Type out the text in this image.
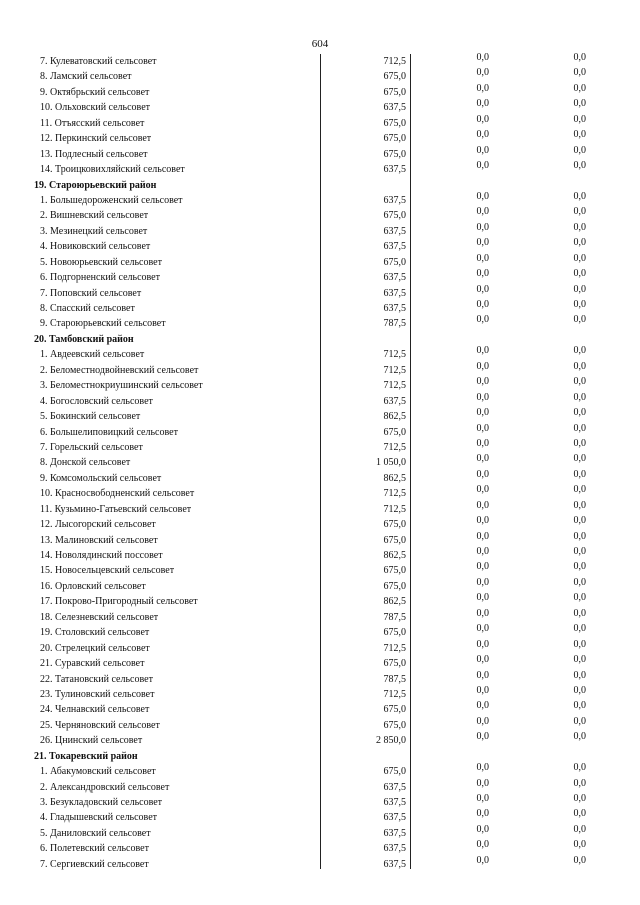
604
7. Кулеватовский сельсовет	712,5	0,0	0,0
8. Ламский сельсовет	675,0	0,0	0,0
9. Октябрьский сельсовет	675,0	0,0	0,0
10. Ольховский сельсовет	637,5	0,0	0,0
11. Отъясский сельсовет	675,0	0,0	0,0
12. Перкинский сельсовет	675,0	0,0	0,0
13. Подлесный сельсовет	675,0	0,0	0,0
14. Троицковихляйский сельсовет	637,5	0,0	0,0
19. Староюрьевский район
1. Большедороженский сельсовет	637,5	0,0	0,0
2. Вишневский сельсовет	675,0	0,0	0,0
3. Мезинецкий сельсовет	637,5	0,0	0,0
4. Новиковский сельсовет	637,5	0,0	0,0
5. Новоюрьевский сельсовет	675,0	0,0	0,0
6. Подгорненский сельсовет	637,5	0,0	0,0
7. Поповский сельсовет	637,5	0,0	0,0
8. Спасский сельсовет	637,5	0,0	0,0
9. Староюрьевский сельсовет	787,5	0,0	0,0
20. Тамбовский район
1. Авдеевский сельсовет	712,5	0,0	0,0
2. Беломестнодвойневский сельсовет	712,5	0,0	0,0
3. Беломестнокриушинский сельсовет	712,5	0,0	0,0
4. Богословский сельсовет	637,5	0,0	0,0
5. Бокинский сельсовет	862,5	0,0	0,0
6. Большелиповицкий сельсовет	675,0	0,0	0,0
7. Горельский сельсовет	712,5	0,0	0,0
8. Донской сельсовет	1 050,0	0,0	0,0
9. Комсомольский сельсовет	862,5	0,0	0,0
10. Красносвободненский сельсовет	712,5	0,0	0,0
11. Кузьмино-Гатьевский сельсовет	712,5	0,0	0,0
12. Лысогорский сельсовет	675,0	0,0	0,0
13. Малиновский сельсовет	675,0	0,0	0,0
14. Новолядинский поссовет	862,5	0,0	0,0
15. Новосельцевский сельсовет	675,0	0,0	0,0
16. Орловский сельсовет	675,0	0,0	0,0
17. Покрово-Пригородный сельсовет	862,5	0,0	0,0
18. Селезневский сельсовет	787,5	0,0	0,0
19. Столовский сельсовет	675,0	0,0	0,0
20. Стрелецкий сельсовет	712,5	0,0	0,0
21. Суравский сельсовет	675,0	0,0	0,0
22. Татановский сельсовет	787,5	0,0	0,0
23. Тулиновский сельсовет	712,5	0,0	0,0
24. Челнавский сельсовет	675,0	0,0	0,0
25. Черняновский сельсовет	675,0	0,0	0,0
26. Цнинский сельсовет	2 850,0	0,0	0,0
21. Токаревский район
1. Абакумовский сельсовет	675,0	0,0	0,0
2. Александровский сельсовет	637,5	0,0	0,0
3. Безукладовский сельсовет	637,5	0,0	0,0
4. Гладышевский сельсовет	637,5	0,0	0,0
5. Даниловский сельсовет	637,5	0,0	0,0
6. Полетевский сельсовет	637,5	0,0	0,0
7. Сергиевский сельсовет	637,5	0,0	0,0
